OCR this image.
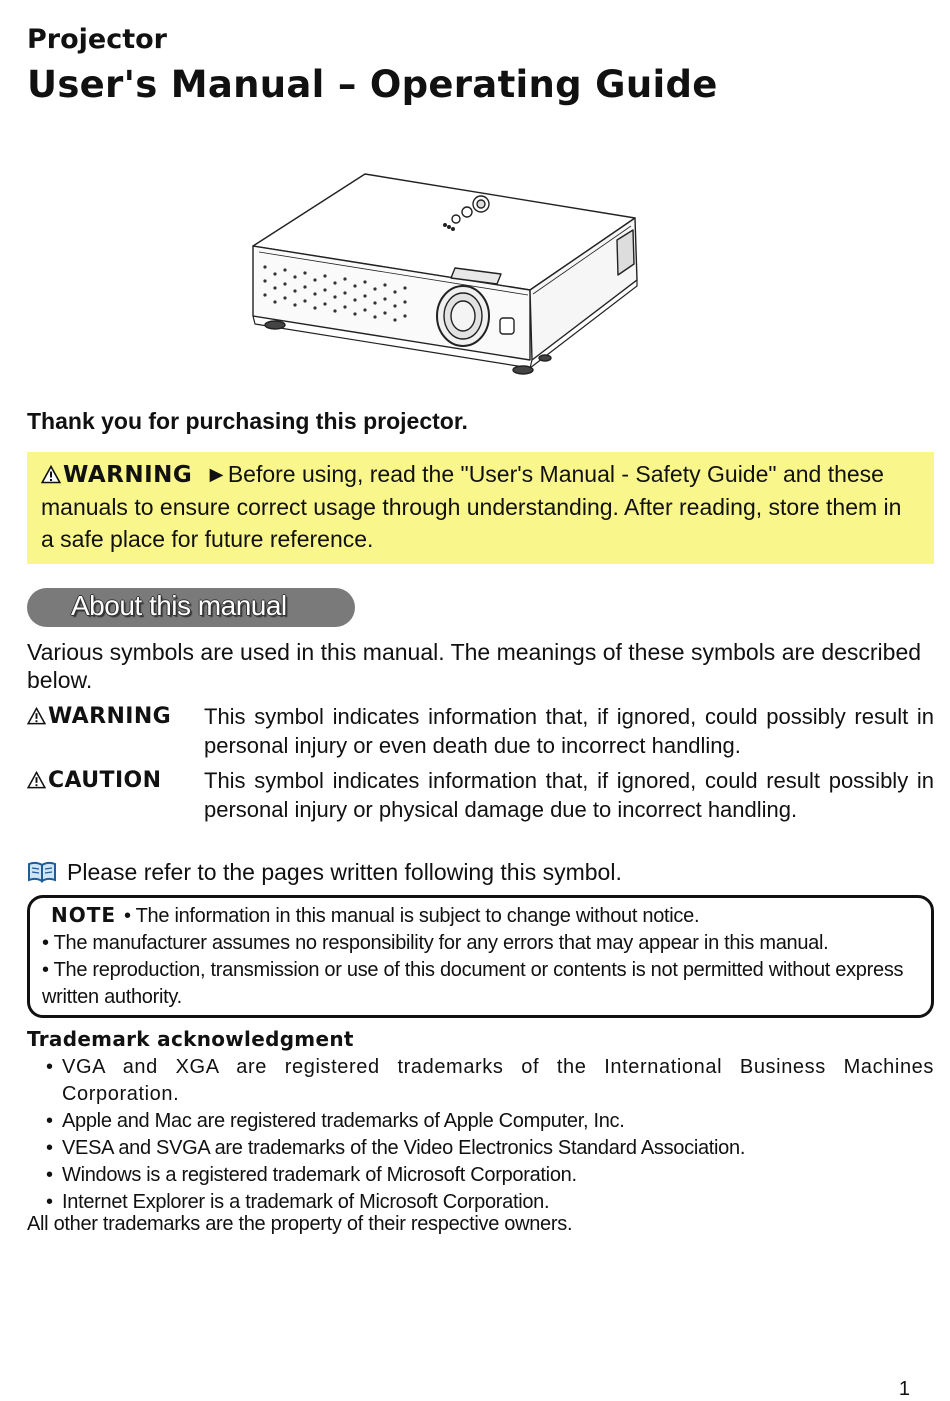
Projector
User's Manual – Operating Guide
Thank you for purchasing this projector.
WARNING ►Before using, read the "User's Manual - Safety Guide" and these manuals to ensure correct usage through understanding. After reading, store them in a safe place for future reference.
About this manual
Various symbols are used in this manual. The meanings of these symbols are described below.
WARNING This symbol indicates information that, if ignored, could possibly result in personal injury or even death due to incorrect handling.
CAUTION This symbol indicates information that, if ignored, could result possibly in personal injury or physical damage due to incorrect handling.
Please refer to the pages written following this symbol.
NOTE • The information in this manual is subject to change without notice.
• The manufacturer assumes no responsibility for any errors that may appear in this manual.
• The reproduction, transmission or use of this document or contents is not permitted without express written authority.
Trademark acknowledgment
• VGA and XGA are registered trademarks of the International Business Machines Corporation.
• Apple and Mac are registered trademarks of Apple Computer, Inc.
• VESA and SVGA are trademarks of the Video Electronics Standard Association.
• Windows is a registered trademark of Microsoft Corporation.
• Internet Explorer is a trademark of Microsoft Corporation.
All other trademarks are the property of their respective owners.
1
